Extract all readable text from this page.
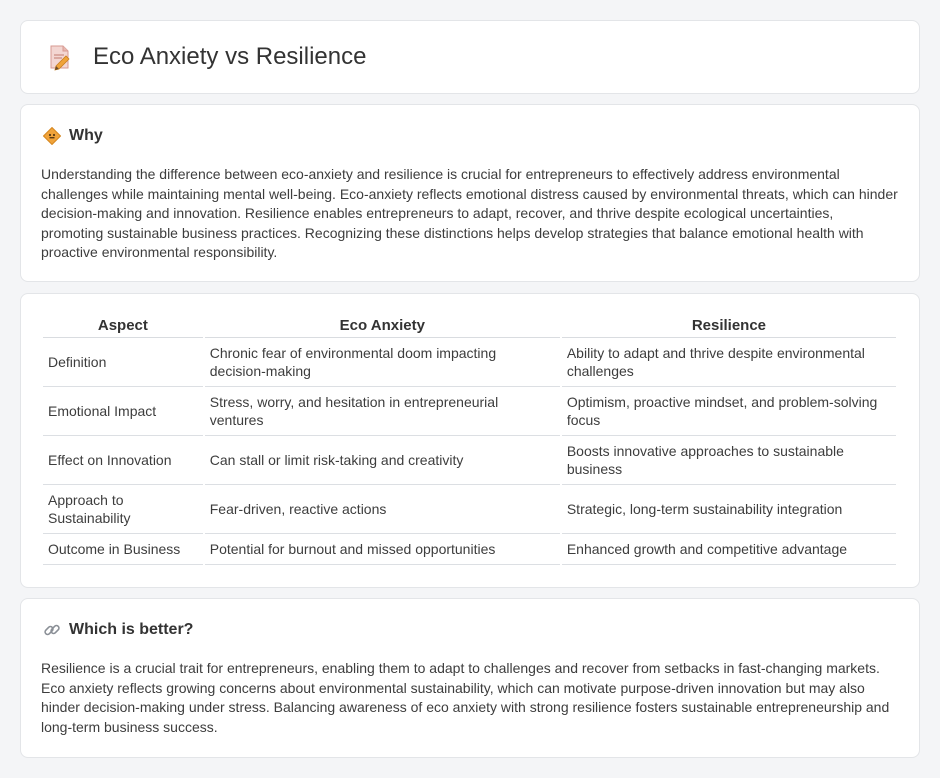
Eco Anxiety vs Resilience
Why

Understanding the difference between eco-anxiety and resilience is crucial for entrepreneurs to effectively address environmental challenges while maintaining mental well-being. Eco-anxiety reflects emotional distress caused by environmental threats, which can hinder decision-making and innovation. Resilience enables entrepreneurs to adapt, recover, and thrive despite ecological uncertainties, promoting sustainable business practices. Recognizing these distinctions helps develop strategies that balance emotional health with proactive environmental responsibility.

Aspect	Eco Anxiety	Resilience
Definition	Chronic fear of environmental doom impacting decision-making	Ability to adapt and thrive despite environmental challenges
Emotional Impact	Stress, worry, and hesitation in entrepreneurial ventures	Optimism, proactive mindset, and problem-solving focus
Effect on Innovation	Can stall or limit risk-taking and creativity	Boosts innovative approaches to sustainable business
Approach to Sustainability	Fear-driven, reactive actions	Strategic, long-term sustainability integration
Outcome in Business	Potential for burnout and missed opportunities	Enhanced growth and competitive advantage
Which is better?

Resilience is a crucial trait for entrepreneurs, enabling them to adapt to challenges and recover from setbacks in fast-changing markets. Eco anxiety reflects growing concerns about environmental sustainability, which can motivate purpose-driven innovation but may also hinder decision-making under stress. Balancing awareness of eco anxiety with strong resilience fosters sustainable entrepreneurship and long-term business success.
